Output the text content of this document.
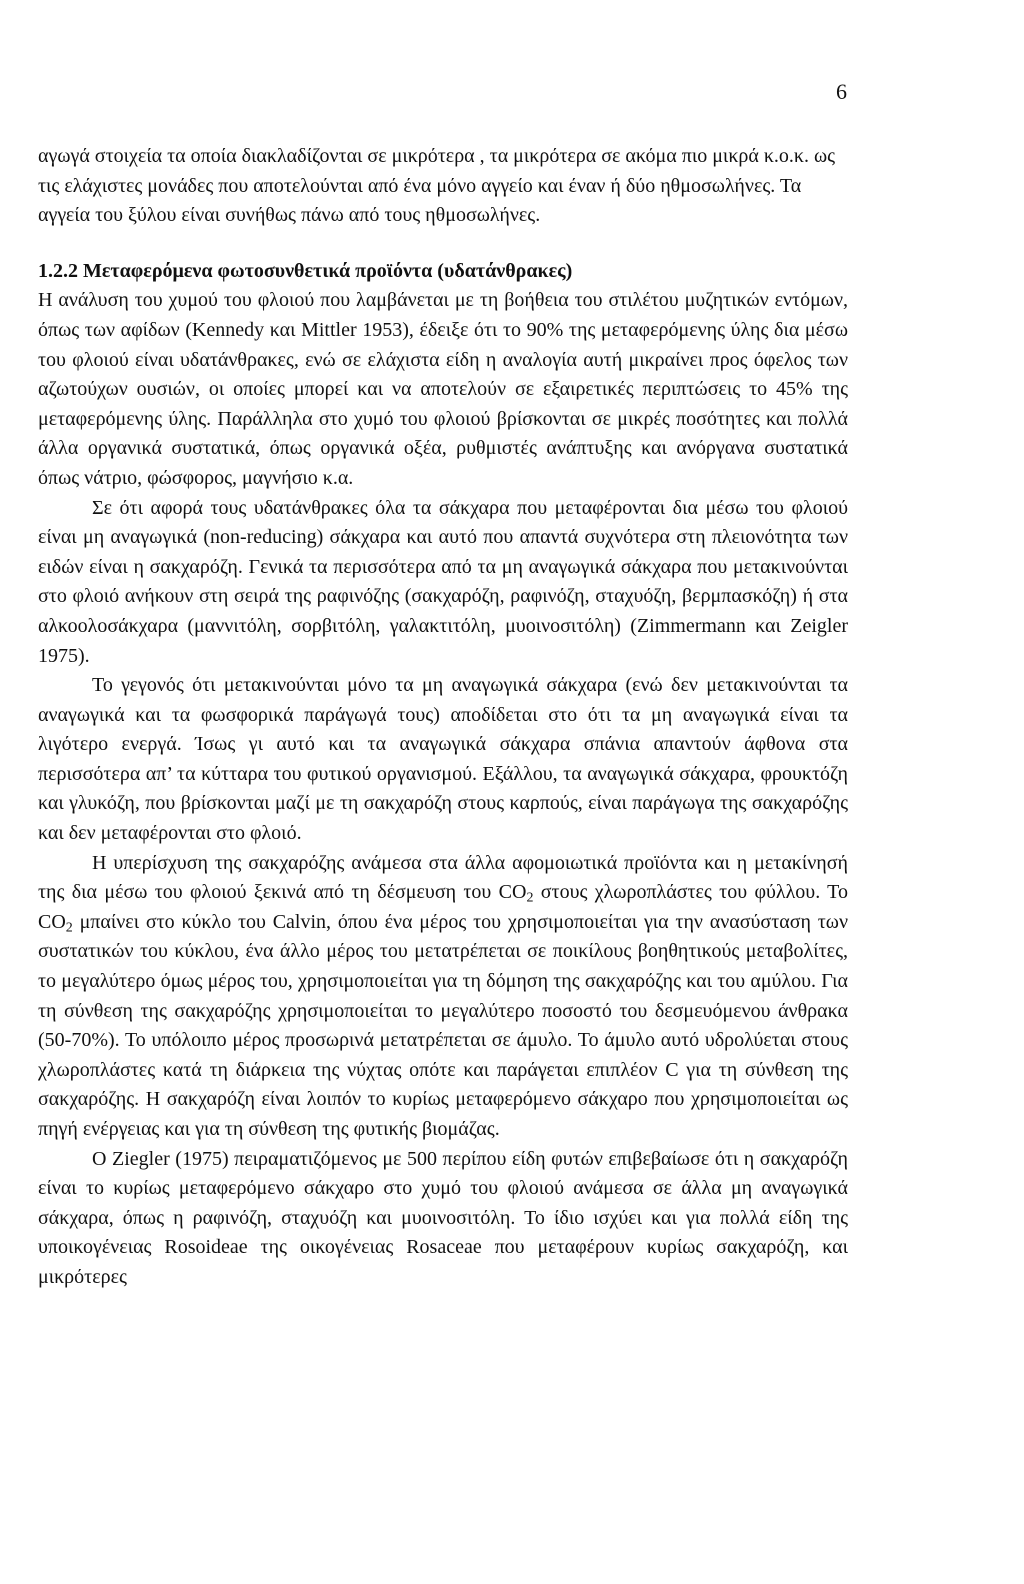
6

αγωγά στοιχεία τα οποία διακλαδίζονται σε μικρότερα , τα μικρότερα σε ακόμα πιο μικρά κ.ο.κ. ως τις ελάχιστες μονάδες που αποτελούνται από ένα μόνο αγγείο και έναν ή δύο ηθμοσωλήνες. Τα αγγεία του ξύλου είναι συνήθως πάνω από τους ηθμοσωλήνες.

1.2.2 Μεταφερόμενα φωτοσυνθετικά προϊόντα (υδατάνθρακες)
Η ανάλυση του χυμού του φλοιού που λαμβάνεται με τη βοήθεια του στιλέτου μυζητικών εντόμων, όπως των αφίδων (Kennedy και Mittler 1953), έδειξε ότι το 90% της μεταφερόμενης ύλης δια μέσω του φλοιού είναι υδατάνθρακες, ενώ σε ελάχιστα είδη η αναλογία αυτή μικραίνει προς όφελος των αζωτούχων ουσιών, οι οποίες μπορεί και να αποτελούν σε εξαιρετικές περιπτώσεις το 45% της μεταφερόμενης ύλης. Παράλληλα στο χυμό του φλοιού βρίσκονται σε μικρές ποσότητες και πολλά άλλα οργανικά συστατικά, όπως οργανικά οξέα, ρυθμιστές ανάπτυξης και ανόργανα συστατικά όπως νάτριο, φώσφορος, μαγνήσιο κ.α.

Σε ότι αφορά τους υδατάνθρακες όλα τα σάκχαρα που μεταφέρονται δια μέσω του φλοιού είναι μη αναγωγικά (non-reducing) σάκχαρα και αυτό που απαντά συχνότερα στη πλειονότητα των ειδών είναι η σακχαρόζη. Γενικά τα περισσότερα από τα μη αναγωγικά σάκχαρα που μετακινούνται στο φλοιό ανήκουν στη σειρά της ραφινόζης (σακχαρόζη, ραφινόζη, σταχυόζη, βερμπασκόζη) ή στα αλκοολοσάκχαρα (μαννιτόλη, σορβιτόλη, γαλακτιτόλη, μυοινοσιτόλη) (Zimmermann και Zeigler 1975).

Το γεγονός ότι μετακινούνται μόνο τα μη αναγωγικά σάκχαρα (ενώ δεν μετακινούνται τα αναγωγικά και τα φωσφορικά παράγωγά τους) αποδίδεται στο ότι τα μη αναγωγικά είναι τα λιγότερο ενεργά. Ίσως γι αυτό και τα αναγωγικά σάκχαρα σπάνια απαντούν άφθονα στα περισσότερα απ’ τα κύτταρα του φυτικού οργανισμού. Εξάλλου, τα αναγωγικά σάκχαρα, φρουκτόζη και γλυκόζη, που βρίσκονται μαζί με τη σακχαρόζη στους καρπούς, είναι παράγωγα της σακχαρόζης και δεν μεταφέρονται στο φλοιό.

Η υπερίσχυση της σακχαρόζης ανάμεσα στα άλλα αφομοιωτικά προϊόντα και η μετακίνησή της δια μέσω του φλοιού ξεκινά από τη δέσμευση του $CO_2$ στους χλωροπλάστες του φύλλου. Το $CO_2$ μπαίνει στο κύκλο του Calvin, όπου ένα μέρος του χρησιμοποιείται για την ανασύσταση των συστατικών του κύκλου, ένα άλλο μέρος του μετατρέπεται σε ποικίλους βοηθητικούς μεταβολίτες, το μεγαλύτερο όμως μέρος του, χρησιμοποιείται για τη δόμηση της σακχαρόζης και του αμύλου. Για τη σύνθεση της σακχαρόζης χρησιμοποιείται το μεγαλύτερο ποσοστό του δεσμευόμενου άνθρακα (50-70%). Το υπόλοιπο μέρος προσωρινά μετατρέπεται σε άμυλο. Το άμυλο αυτό υδρολύεται στους χλωροπλάστες κατά τη διάρκεια της νύχτας οπότε και παράγεται επιπλέον C για τη σύνθεση της σακχαρόζης. Η σακχαρόζη είναι λοιπόν το κυρίως μεταφερόμενο σάκχαρο που χρησιμοποιείται ως πηγή ενέργειας και για τη σύνθεση της φυτικής βιομάζας.

Ο Ziegler (1975) πειραματιζόμενος με 500 περίπου είδη φυτών επιβεβαίωσε ότι η σακχαρόζη είναι το κυρίως μεταφερόμενο σάκχαρο στο χυμό του φλοιού ανάμεσα σε άλλα μη αναγωγικά σάκχαρα, όπως η ραφινόζη, σταχυόζη και μυοινοσιτόλη. Το ίδιο ισχύει και για πολλά είδη της υποικογένειας Rosoideae της οικογένειας Rosaceae που μεταφέρουν κυρίως σακχαρόζη, και μικρότερες
